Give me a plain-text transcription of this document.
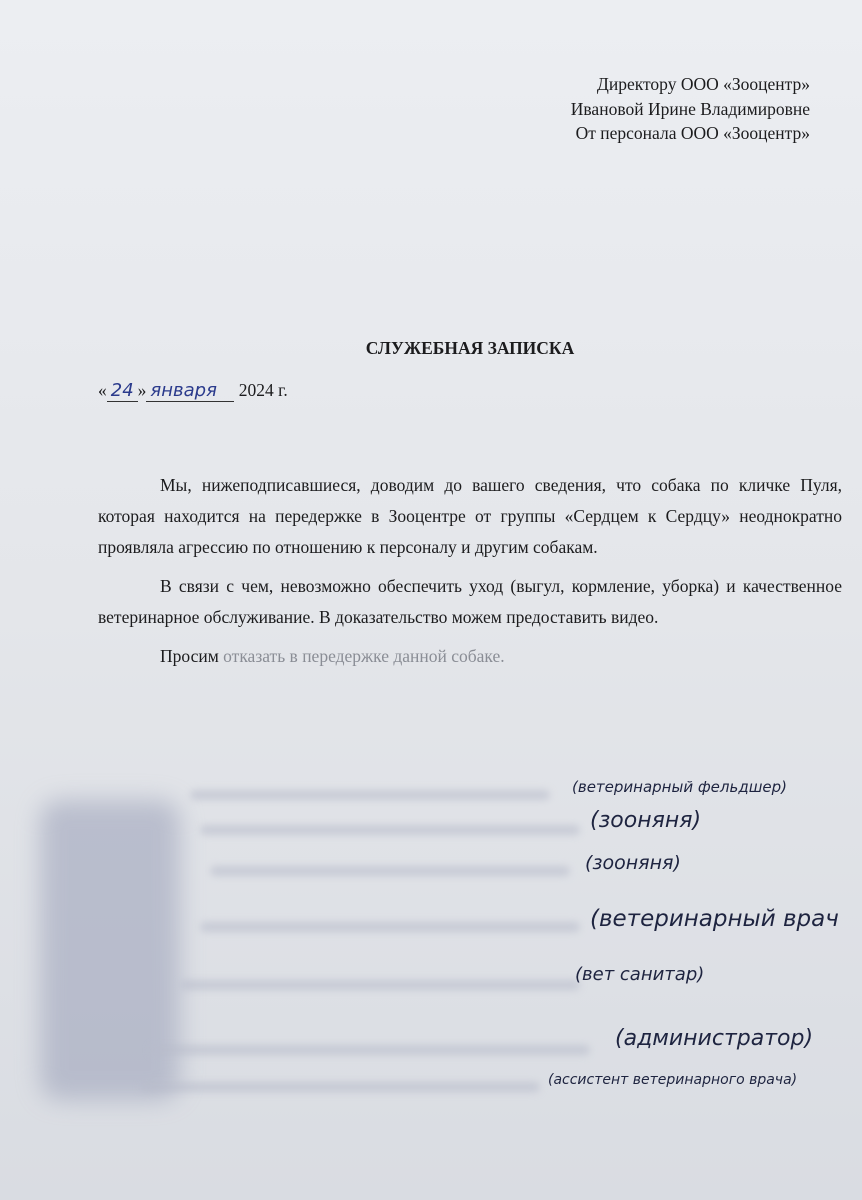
Директору ООО «Зооцентр»
Ивановой Ирине Владимировне
От персонала ООО «Зооцентр»
СЛУЖЕБНАЯ ЗАПИСКА
« 24 » января 2024 г.

Мы, нижеподписавшиеся, доводим до вашего сведения, что собака по кличке Пуля, которая находится на передержке в Зооцентре от группы «Сердцем к Сердцу» неоднократно проявляла агрессию по отношению к персоналу и другим собакам.

В связи с чем, невозможно обеспечить уход (выгул, кормление, уборка) и качественное ветеринарное обслуживание. В доказательство можем предоставить видео.

Просим отказать в передержке данной собаке.

(ветеринарный фельдшер)
(зооняня)
(зооняня)
(ветеринарный врач
(вет санитар)
(администратор)
(ассистент ветеринарного врача)
